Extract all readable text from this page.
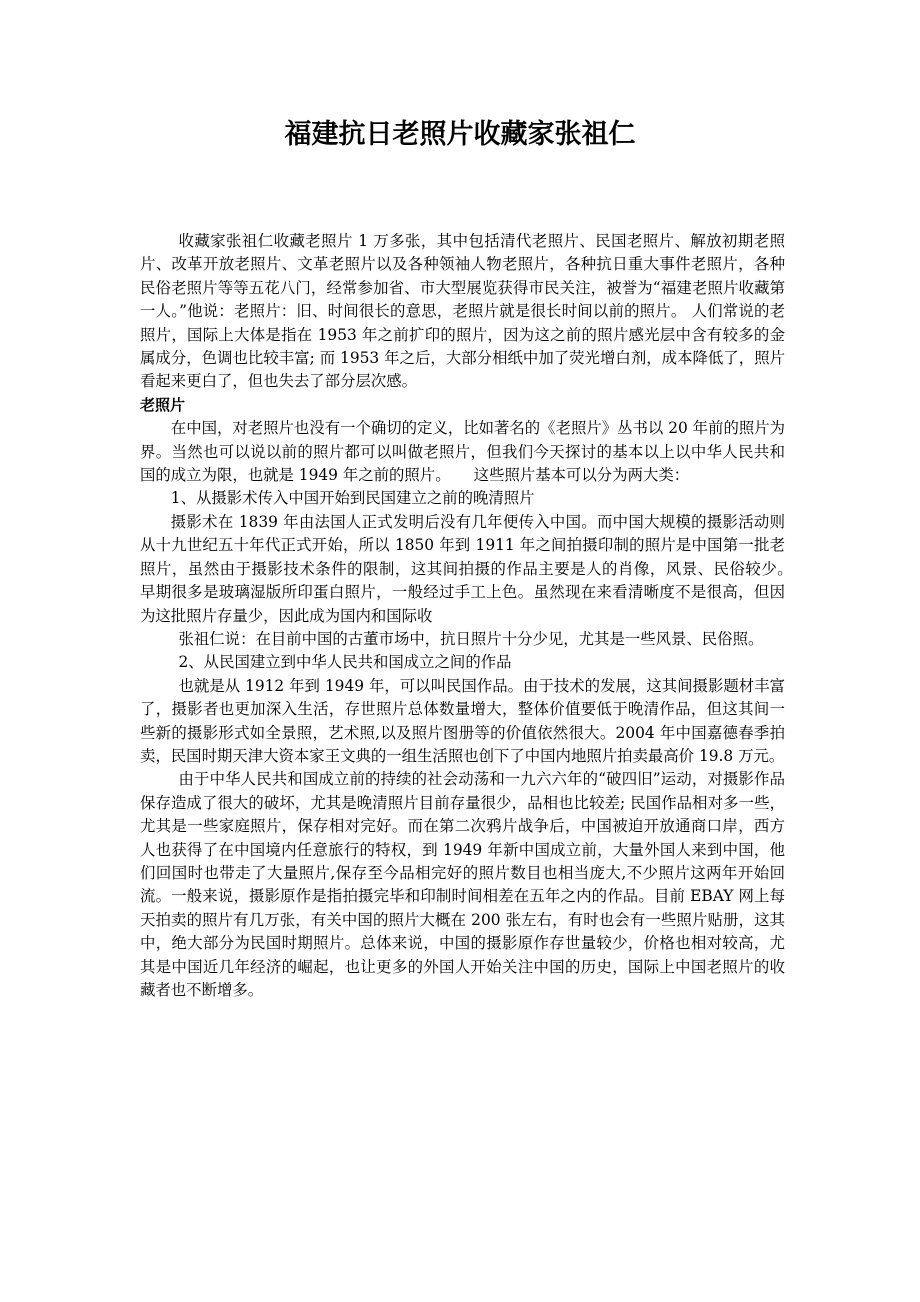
福建抗日老照片收藏家张祖仁

收藏家张祖仁收藏老照片 1 万多张，其中包括清代老照片、民国老照片、解放初期老照片、改革开放老照片、文革老照片以及各种领袖人物老照片，各种抗日重大事件老照片，各种民俗老照片等等五花八门，经常参加省、市大型展览获得市民关注，被誉为“福建老照片收藏第一人。”他说：老照片：旧、时间很长的意思，老照片就是很长时间以前的照片。 人们常说的老照片，国际上大体是指在 1953 年之前扩印的照片，因为这之前的照片感光层中含有较多的金属成分，色调也比较丰富; 而 1953 年之后，大部分相纸中加了荧光增白剂，成本降低了，照片看起来更白了，但也失去了部分层次感。

老照片

在中国，对老照片也没有一个确切的定义，比如著名的《老照片》丛书以 20 年前的照片为界。当然也可以说以前的照片都可以叫做老照片，但我们今天探讨的基本以上以中华人民共和国的成立为限，也就是 1949 年之前的照片。　　这些照片基本可以分为两大类：

1、从摄影术传入中国开始到民国建立之前的晚清照片

摄影术在 1839 年由法国人正式发明后没有几年便传入中国。而中国大规模的摄影活动则从十九世纪五十年代正式开始，所以 1850 年到 1911 年之间拍摄印制的照片是中国第一批老照片，虽然由于摄影技术条件的限制，这其间拍摄的作品主要是人的肖像，风景、民俗较少。　　早期很多是玻璃湿版所印蛋白照片，一般经过手工上色。虽然现在来看清晰度不是很高，但因为这批照片存量少，因此成为国内和国际收

张祖仁说：在目前中国的古董市场中，抗日照片十分少见，尤其是一些风景、民俗照。

2、从民国建立到中华人民共和国成立之间的作品

也就是从 1912 年到 1949 年，可以叫民国作品。由于技术的发展，这其间摄影题材丰富了，摄影者也更加深入生活，存世照片总体数量增大，整体价值要低于晚清作品，但这其间一些新的摄影形式如全景照，艺术照,以及照片图册等的价值依然很大。2004 年中国嘉德春季拍卖，民国时期天津大资本家王文典的一组生活照也创下了中国内地照片拍卖最高价 19.8 万元。

由于中华人民共和国成立前的持续的社会动荡和一九六六年的“破四旧”运动，对摄影作品保存造成了很大的破坏，尤其是晚清照片目前存量很少，品相也比较差; 民国作品相对多一些，尤其是一些家庭照片，保存相对完好。而在第二次鸦片战争后，中国被迫开放通商口岸，西方人也获得了在中国境内任意旅行的特权，到 1949 年新中国成立前，大量外国人来到中国，他们回国时也带走了大量照片,保存至今品相完好的照片数目也相当庞大,不少照片这两年开始回流。一般来说，摄影原作是指拍摄完毕和印制时间相差在五年之内的作品。目前 EBAY 网上每天拍卖的照片有几万张，有关中国的照片大概在 200 张左右，有时也会有一些照片贴册，这其中，绝大部分为民国时期照片。总体来说，中国的摄影原作存世量较少，价格也相对较高，尤其是中国近几年经济的崛起，也让更多的外国人开始关注中国的历史，国际上中国老照片的收藏者也不断增多。
